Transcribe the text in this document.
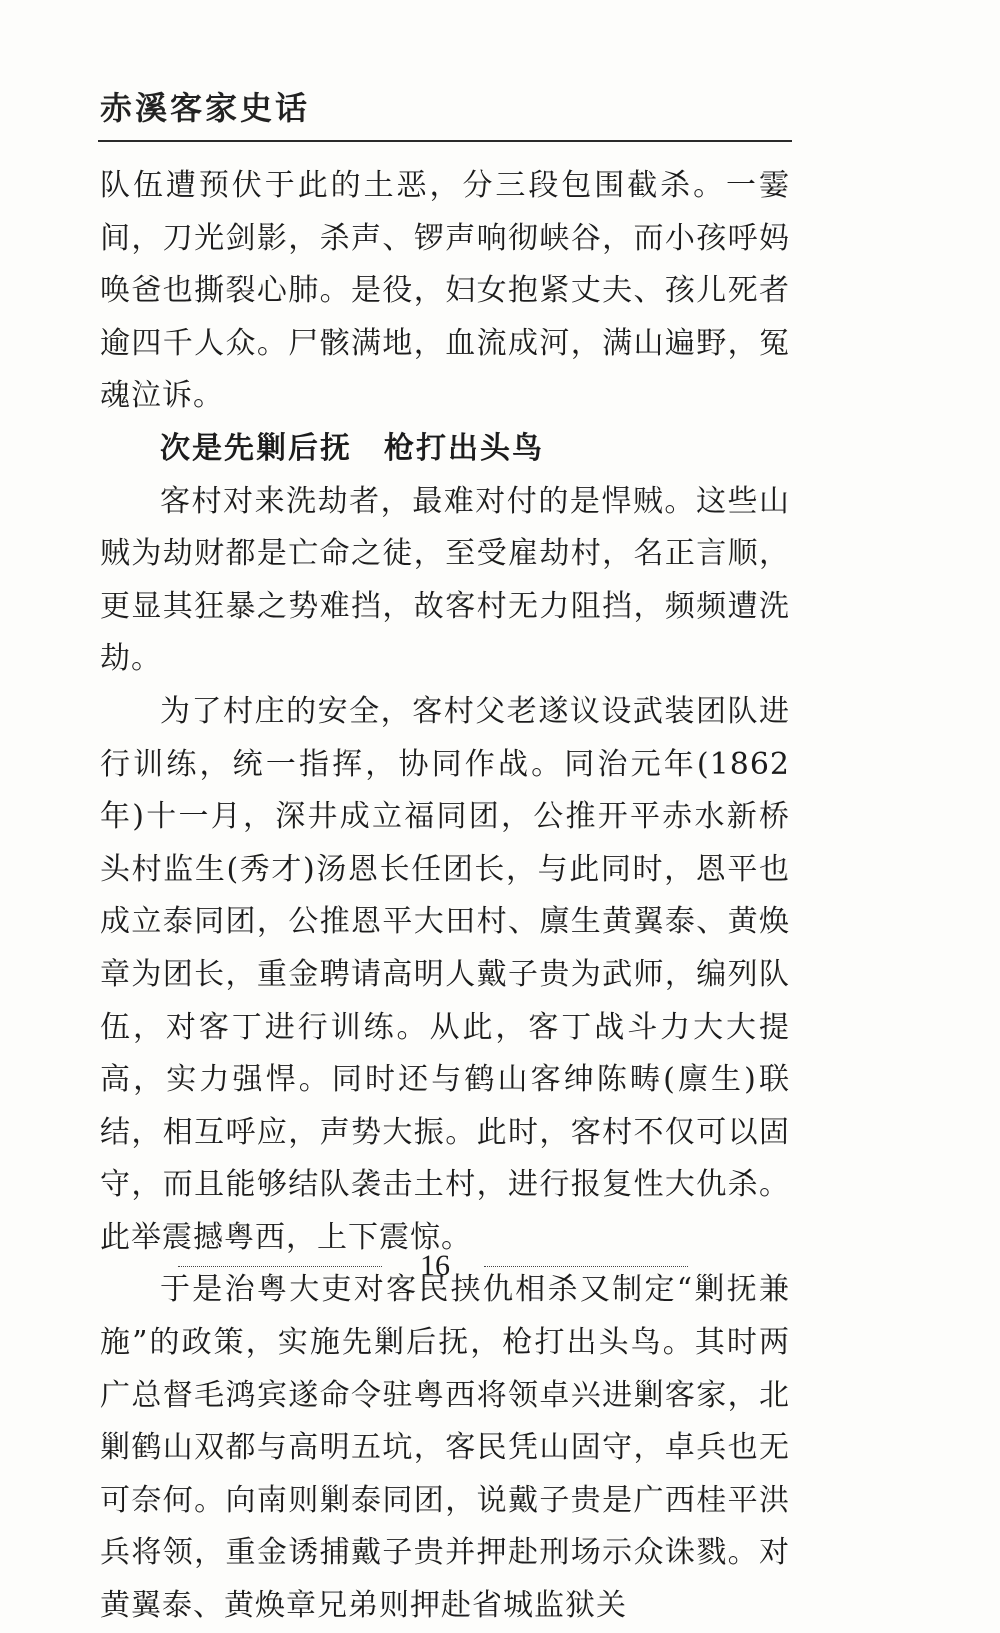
赤溪客家史话

队伍遭预伏于此的土恶，分三段包围截杀。一霎间，刀光剑影，杀声、锣声响彻峡谷，而小孩呼妈唤爸也撕裂心肺。是役，妇女抱紧丈夫、孩儿死者逾四千人众。尸骸满地，血流成河，满山遍野，冤魂泣诉。

次是先剿后抚　枪打出头鸟

客村对来洗劫者，最难对付的是悍贼。这些山贼为劫财都是亡命之徒，至受雇劫村，名正言顺，更显其狂暴之势难挡，故客村无力阻挡，频频遭洗劫。

为了村庄的安全，客村父老遂议设武装团队进行训练，统一指挥，协同作战。同治元年(1862 年)十一月，深井成立福同团，公推开平赤水新桥头村监生(秀才)汤恩长任团长，与此同时，恩平也成立泰同团，公推恩平大田村、廪生黄翼泰、黄焕章为团长，重金聘请高明人戴子贵为武师，编列队伍，对客丁进行训练。从此，客丁战斗力大大提高，实力强悍。同时还与鹤山客绅陈畴(廪生)联结，相互呼应，声势大振。此时，客村不仅可以固守，而且能够结队袭击土村，进行报复性大仇杀。此举震撼粤西，上下震惊。

于是治粤大吏对客民挟仇相杀又制定“剿抚兼施”的政策，实施先剿后抚，枪打出头鸟。其时两广总督毛鸿宾遂命令驻粤西将领卓兴进剿客家，北剿鹤山双都与高明五坑，客民凭山固守，卓兵也无可奈何。向南则剿泰同团，说戴子贵是广西桂平洪兵将领，重金诱捕戴子贵并押赴刑场示众诛戮。对黄翼泰、黄焕章兄弟则押赴省城监狱关

16
